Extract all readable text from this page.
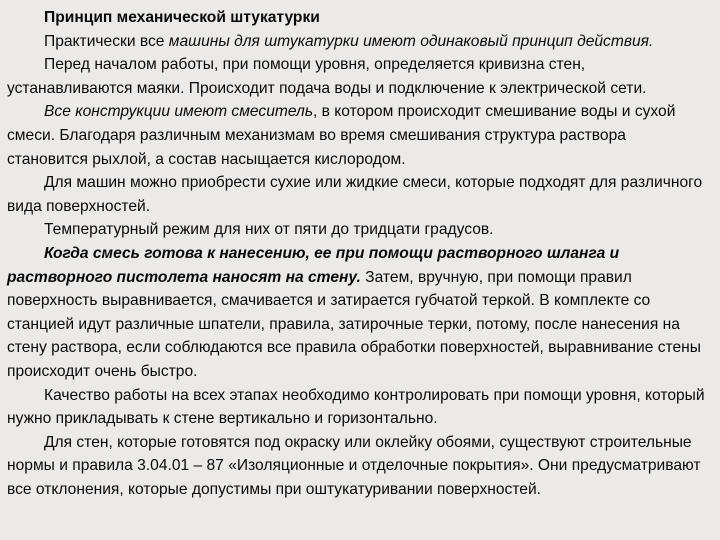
Принцип механической штукатурки

Практически все машины для штукатурки имеют одинаковый принцип действия.

Перед началом работы, при помощи уровня, определяется кривизна стен, устанавливаются маяки. Происходит подача воды и подключение к электрической сети.

Все конструкции имеют смеситель, в котором происходит смешивание воды и сухой смеси. Благодаря различным механизмам во время смешивания структура раствора становится рыхлой, а состав насыщается кислородом.

Для машин можно приобрести сухие или жидкие смеси, которые подходят для различного вида поверхностей.

Температурный режим для них от пяти до тридцати градусов.

Когда смесь готова к нанесению, ее при помощи растворного шланга и растворного пистолета наносят на стену. Затем, вручную, при помощи правил поверхность выравнивается, смачивается и затирается губчатой теркой. В комплекте со станцией идут различные шпатели, правила, затирочные терки, потому, после нанесения на стену раствора, если соблюдаются все правила обработки поверхностей, выравнивание стены происходит очень быстро.

Качество работы на всех этапах необходимо контролировать при помощи уровня, который нужно прикладывать к стене вертикально и горизонтально.

Для стен, которые готовятся под окраску или оклейку обоями, существуют строительные нормы и правила 3.04.01 – 87 «Изоляционные и отделочные покрытия». Они предусматривают все отклонения, которые допустимы при оштукатуривании поверхностей.
